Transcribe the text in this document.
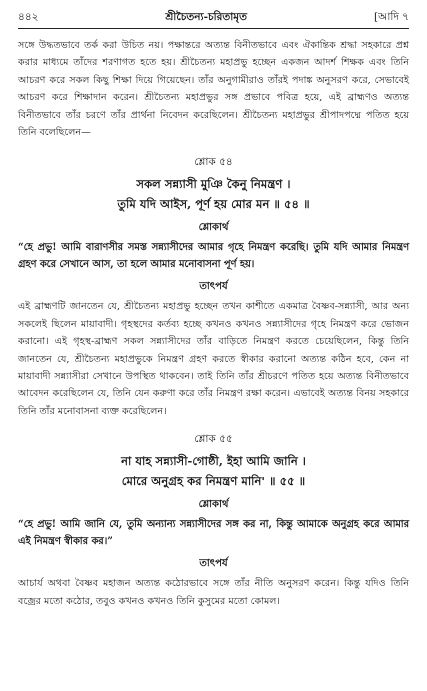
৪৪২	শ্রীচৈতন্য-চরিতামৃত	[আদি ৭

সঙ্গে উদ্ধতভাবে তর্ক করা উচিত নয়। পক্ষান্তরে অত্যন্ত বিনীতভাবে এবং ঐকান্তিক শ্রদ্ধা সহকারে প্রশ্ন করার মাধ্যমে তাঁদের শরণাগত হতে হয়। শ্রীচৈতন্য মহাপ্রভু হচ্ছেন একজন আদর্শ শিক্ষক এবং তিনি আচরণ করে সকল কিছু শিক্ষা দিয়ে গিয়েছেন। তাঁর অনুগামীরাও তাঁরই পদাঙ্ক অনুসরণ করে, সেভাবেই আচরণ করে শিক্ষাদান করেন। শ্রীচৈতন্য মহাপ্রভুর সঙ্গ প্রভাবে পবিত্র হয়ে, এই ব্রাহ্মণও অত্যন্ত বিনীতভাবে তাঁর চরণে তাঁর প্রার্থনা নিবেদন করেছিলেন। শ্রীচৈতন্য মহাপ্রভুর শ্রীপাদপদ্মে পতিত হয়ে তিনি বলেছিলেন—

শ্লোক ৫৪

সকল সন্ন্যাসী মুঞি কৈনু নিমন্ত্রণ ।

তুমি যদি আইস, পূর্ণ হয় মোর মন ॥ ৫৪ ॥

শ্লোকার্থ

“হে প্রভু! আমি বারাণসীর সমস্ত সন্ন্যাসীদের আমার গৃহে নিমন্ত্রণ করেছি। তুমি যদি আমার নিমন্ত্রণ গ্রহণ করে সেখানে আস, তা হলে আমার মনোবাসনা পূর্ণ হয়।

তাৎপর্য

এই ব্রাহ্মণটি জানতেন যে, শ্রীচৈতন্য মহাপ্রভু হচ্ছেন তখন কাশীতে একমাত্র বৈষ্ণব-সন্ন্যাসী, আর অন্য সকলেই ছিলেন মায়াবাদী। গৃহস্থদের কর্তব্য হচ্ছে কখনও কখনও সন্ন্যাসীদের গৃহে নিমন্ত্রণ করে ভোজন করানো। এই গৃহস্থ-ব্রাহ্মণ সকল সন্ন্যাসীদের তাঁর বাড়িতে নিমন্ত্রণ করতে চেয়েছিলেন, কিন্তু তিনি জানতেন যে, শ্রীচৈতন্য মহাপ্রভুকে নিমন্ত্রণ গ্রহণ করতে স্বীকার করানো অত্যন্ত কঠিন হবে, কেন না মায়াবাদী সন্ন্যাসীরা সেখানে উপস্থিত থাকবেন। তাই তিনি তাঁর শ্রীচরণে পতিত হয়ে অত্যন্ত বিনীতভাবে আবেদন করেছিলেন যে, তিনি যেন করুণা করে তাঁর নিমন্ত্রণ রক্ষা করেন। এভাবেই অত্যন্ত বিনয় সহকারে তিনি তাঁর মনোবাসনা ব্যক্ত করেছিলেন।

শ্লোক ৫৫

না যাহ সন্ন্যাসী-গোষ্ঠী, ইহা আমি জানি ।

মোরে অনুগ্রহ কর নিমন্ত্রণ মানি' ॥ ৫৫ ॥

শ্লোকার্থ

“হে প্রভু! আমি জানি যে, তুমি অন্যান্য সন্ন্যাসীদের সঙ্গ কর না, কিন্তু আমাকে অনুগ্রহ করে আমার এই নিমন্ত্রণ স্বীকার কর।”

তাৎপর্য

আচার্য অথবা বৈষ্ণব মহাজন অত্যন্ত কঠোরভাবে সঙ্গে তাঁর নীতি অনুসরণ করেন। কিন্তু যদিও তিনি বজ্রের মতো কঠোর, তবুও কখনও কখনও তিনি কুসুমের মতো কোমল।
